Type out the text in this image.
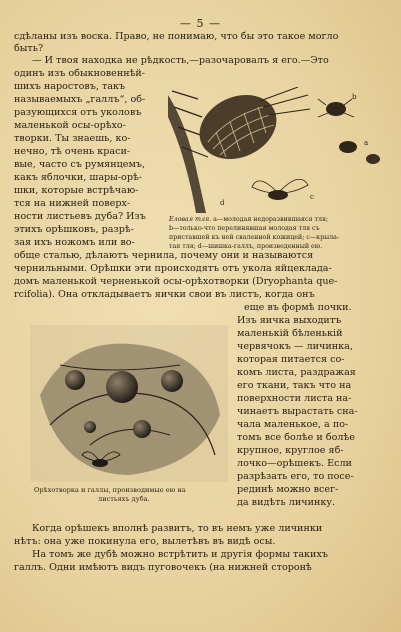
— 5 —
сдѣланы изъ воска. Право, не понимаю, что бы это такое могло
быть?
— И твоя находка не рѣдкость,—разочаровалъ я его.—Это
одинъ изъ обыкновеннѣй-
шихъ наростовъ, такъ
называемыхъ „галлъ“, об-
разующихся отъ уколовъ
маленькой осы-орѣхо-
творки. Ты знаешь, ко-
нечно, тѣ очень краси-
вые, часто съ румянцемъ,
какъ яблочки, шары-орѣ-
шки, которые встрѣчаю-
тся на нижней поверх-
ности листьевъ дуба? Изъ
этихъ орѣшковъ, разрѣ-
зая ихъ ножомъ или во-
обще сталью, дѣлаютъ чернила, почему они и называются
чернильными. Орѣшки эти происходятъ отъ укола яйцеклада-
домъ маленькой черненькой осы-орѣхотворки (Dryophanta que-
rcifolia). Она откладываетъ яички свои въ листъ, когда онъ
b
a
c
d
Еловая тля. a—молодая недоразвившаяся тля;
b—только-что перелинявшая молодая тля съ
приставшей къ ней сваленной кожицей; c—крыла-
тая тля; d—шишка-галлъ, произведенный ею.
еще въ формѣ почки.
Изъ яичка выходитъ
маленькій бѣленькій
червячокъ — личинка,
которая питается со-
комъ листа, раздражая
его ткани, такъ что на
поверхности листа на-
чинаетъ вырастать сна-
чала маленькое, а по-
томъ все болѣе и болѣе
крупное, круглое яб-
лочко—орѣшекъ. Если
разрѣзать его, то посе-
рединѣ можно всег-
да видѣть личинку.
Орѣхотворка и галлы, производимые ею на
листьяхъ дуба.
Когда орѣшекъ вполнѣ развитъ, то въ немъ уже личинки
нѣтъ: она уже покинула его, вылетѣвъ въ видѣ осы.
На томъ же дубѣ можно встрѣтить и другія формы такихъ
галлъ. Одни имѣютъ видъ пуговочекъ (на нижней сторонѣ
